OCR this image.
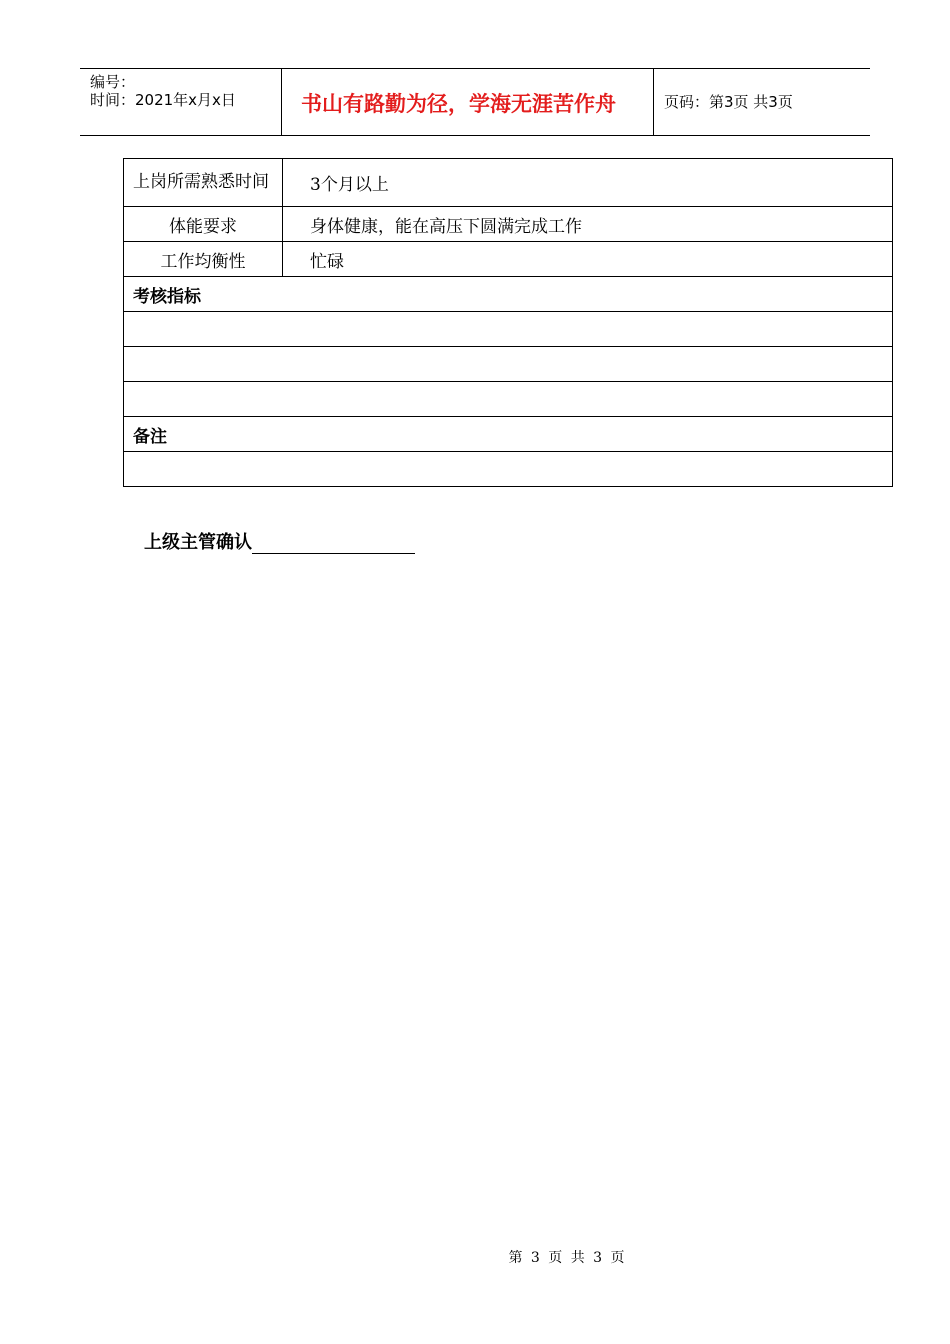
编号：
时间：2021年x月x日	书山有路勤为径，学海无涯苦作舟	页码：第3页 共3页
上岗所需熟悉时间	3个月以上
体能要求	身体健康，能在高压下圆满完成工作
工作均衡性	忙碌
考核指标	

备注	

上级主管确认
第 3 页 共 3 页
